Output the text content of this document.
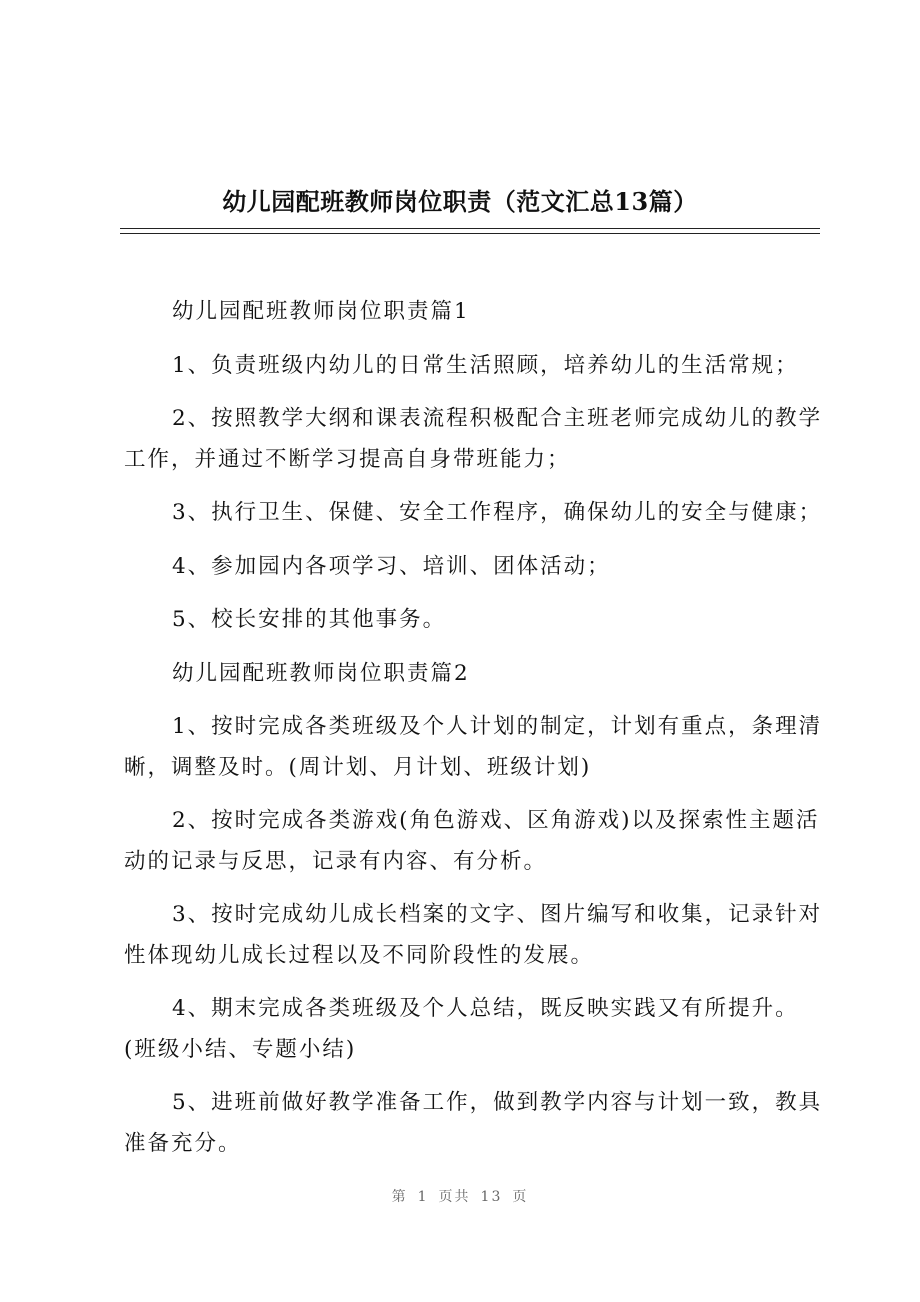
幼儿园配班教师岗位职责（范文汇总13篇）

幼儿园配班教师岗位职责篇1

1、负责班级内幼儿的日常生活照顾，培养幼儿的生活常规；

2、按照教学大纲和课表流程积极配合主班老师完成幼儿的教学工作，并通过不断学习提高自身带班能力；

3、执行卫生、保健、安全工作程序，确保幼儿的安全与健康；

4、参加园内各项学习、培训、团体活动；

5、校长安排的其他事务。

幼儿园配班教师岗位职责篇2

1、按时完成各类班级及个人计划的制定，计划有重点，条理清晰，调整及时。(周计划、月计划、班级计划)

2、按时完成各类游戏(角色游戏、区角游戏)以及探索性主题活动的记录与反思，记录有内容、有分析。

3、按时完成幼儿成长档案的文字、图片编写和收集，记录针对性体现幼儿成长过程以及不同阶段性的发展。

4、期末完成各类班级及个人总结，既反映实践又有所提升。(班级小结、专题小结)

5、进班前做好教学准备工作，做到教学内容与计划一致，教具准备充分。

第 1 页共 13 页
